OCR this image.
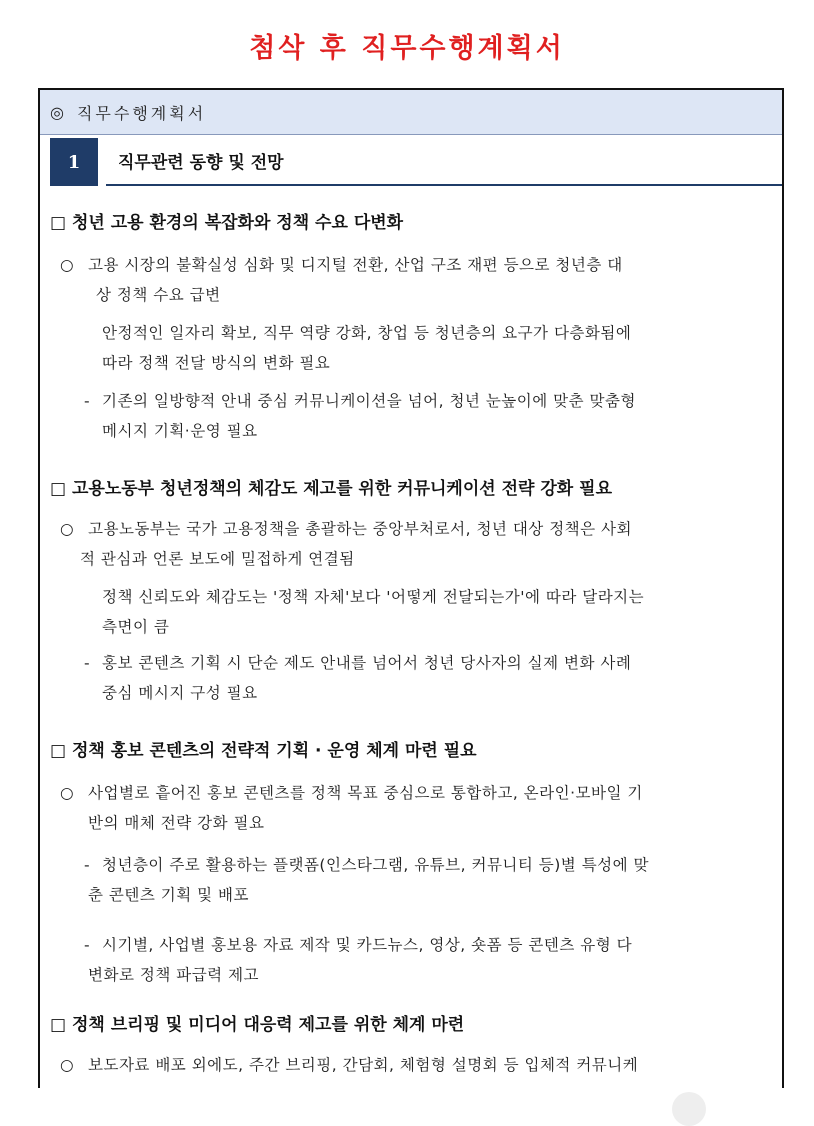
첨삭 후 직무수행계획서
◎ 직무수행계획서
1	직무관련 동향 및 전망
□ 청년 고용 환경의 복잡화와 정책 수요 다변화
○ 고용 시장의 불확실성 심화 및 디지털 전환, 산업 구조 재편 등으로 청년층 대
상 정책 수요 급변
안정적인 일자리 확보, 직무 역량 강화, 창업 등 청년층의 요구가 다층화됨에
따라 정책 전달 방식의 변화 필요
- 기존의 일방향적 안내 중심 커뮤니케이션을 넘어, 청년 눈높이에 맞춘 맞춤형
메시지 기획·운영 필요
□ 고용노동부 청년정책의 체감도 제고를 위한 커뮤니케이션 전략 강화 필요
○ 고용노동부는 국가 고용정책을 총괄하는 중앙부처로서, 청년 대상 정책은 사회
적 관심과 언론 보도에 밀접하게 연결됨
정책 신뢰도와 체감도는 '정책 자체'보다 '어떻게 전달되는가'에 따라 달라지는
측면이 큼
- 홍보 콘텐츠 기획 시 단순 제도 안내를 넘어서 청년 당사자의 실제 변화 사례
중심 메시지 구성 필요
□ 정책 홍보 콘텐츠의 전략적 기획 · 운영 체계 마련 필요
○ 사업별로 흩어진 홍보 콘텐츠를 정책 목표 중심으로 통합하고, 온라인·모바일 기
반의 매체 전략 강화 필요
- 청년층이 주로 활용하는 플랫폼(인스타그램, 유튜브, 커뮤니티 등)별 특성에 맞
춘 콘텐츠 기획 및 배포
- 시기별, 사업별 홍보용 자료 제작 및 카드뉴스, 영상, 숏폼 등 콘텐츠 유형 다
변화로 정책 파급력 제고
□ 정책 브리핑 및 미디어 대응력 제고를 위한 체계 마련
○ 보도자료 배포 외에도, 주간 브리핑, 간담회, 체험형 설명회 등 입체적 커뮤니케
